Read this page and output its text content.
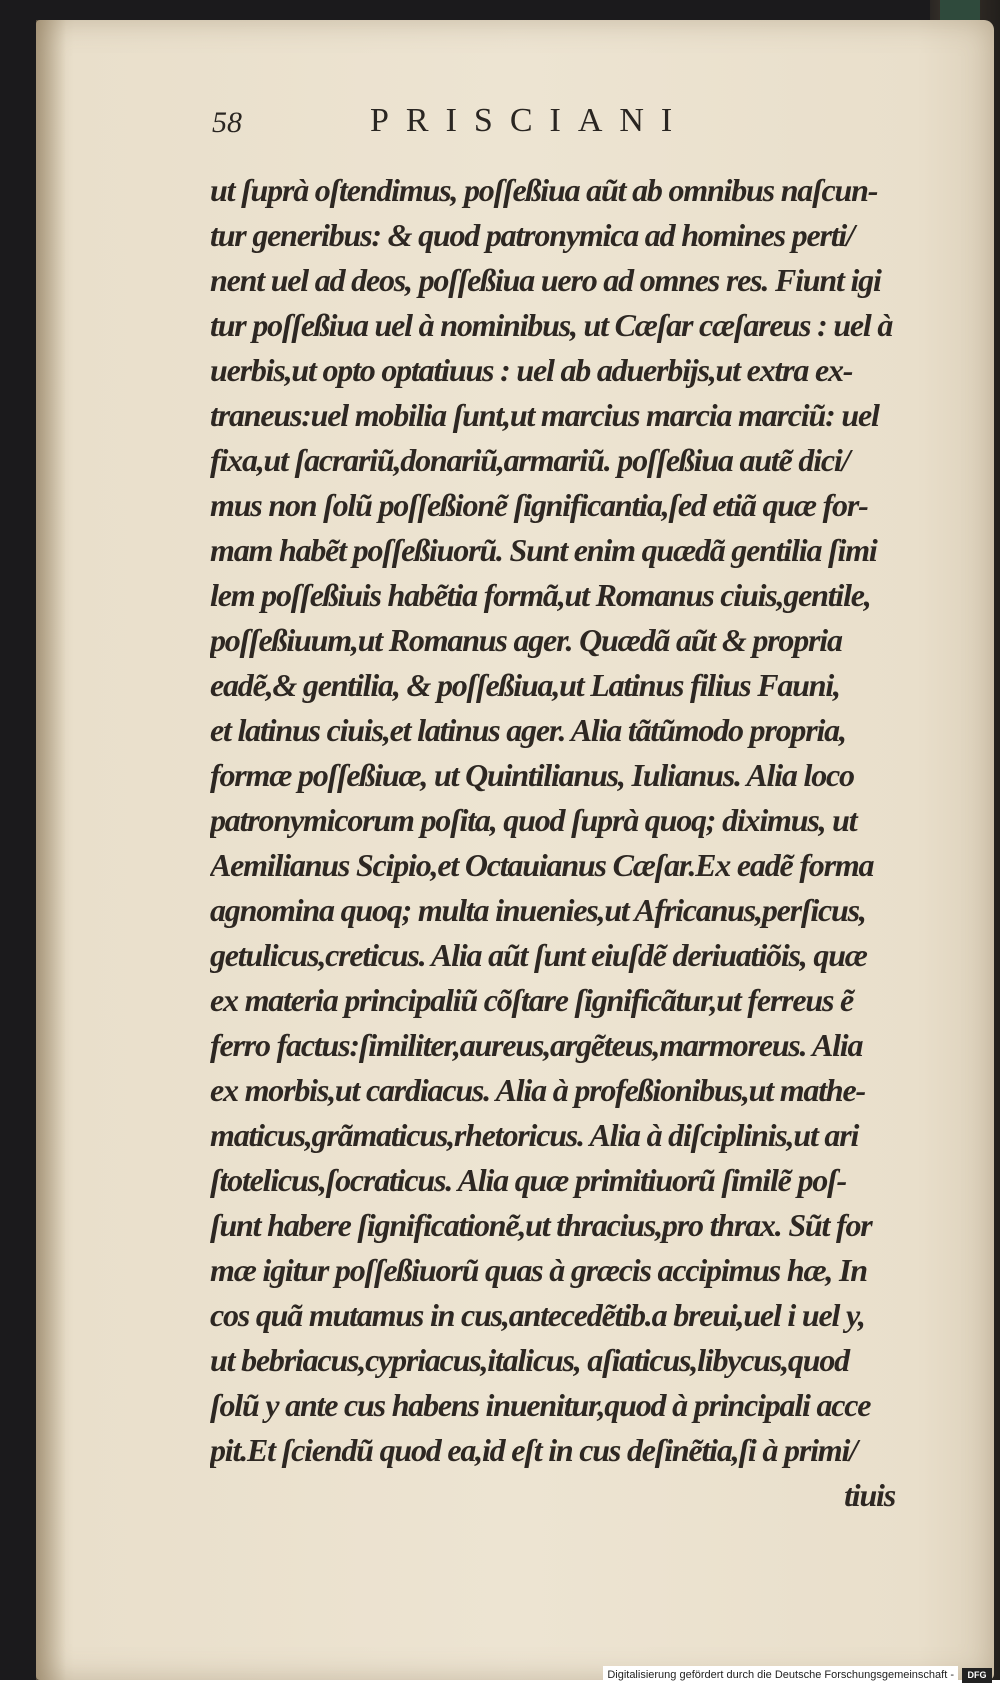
58	PRISCIANI
ut ſuprà oſtendimus, poſſeßiua aũt ab omnibus naſcun-
tur generibus: & quod patronymica ad homines perti/
nent uel ad deos, poſſeßiua uero ad omnes res. Fiunt igi
tur poſſeßiua uel à nominibus, ut Cæſar cæſareus : uel à
uerbis,ut opto optatiuus : uel ab aduerbijs,ut extra ex-
traneus:uel mobilia ſunt,ut marcius marcia marciũ: uel
fixa,ut ſacrariũ,donariũ,armariũ. poſſeßiua autẽ dici/
mus non ſolũ poſſeßionẽ ſignificantia,ſed etiã quæ for-
mam habẽt poſſeßiuorũ. Sunt enim quædã gentilia ſimi
lem poſſeßiuis habẽtia formã,ut Romanus ciuis,gentile,
poſſeßiuum,ut Romanus ager. Quædã aũt & propria
eadẽ,& gentilia, & poſſeßiua,ut Latinus filius Fauni,
et latinus ciuis,et latinus ager. Alia tãtũmodo propria,
formæ poſſeßiuæ, ut Quintilianus, Iulianus. Alia loco
patronymicorum poſita, quod ſuprà quoq; diximus, ut
Aemilianus Scipio,et Octauianus Cæſar.Ex eadẽ forma
agnomina quoq; multa inuenies,ut Africanus,perſicus,
getulicus,creticus. Alia aũt ſunt eiuſdẽ deriuatiõis, quæ
ex materia principaliũ cõſtare ſignificãtur,ut ferreus ẽ
ferro factus:ſimiliter,aureus,argẽteus,marmoreus. Alia
ex morbis,ut cardiacus. Alia à profeßionibus,ut mathe-
maticus,grãmaticus,rhetoricus. Alia à diſciplinis,ut ari
ſtotelicus,ſocraticus. Alia quæ primitiuorũ ſimilẽ poſ-
ſunt habere ſignificationẽ,ut thracius,pro thrax. Sũt for
mæ igitur poſſeßiuorũ quas à græcis accipimus hæ, In
cos quã mutamus in cus,antecedẽtib.a breui,uel i uel y,
ut bebriacus,cypriacus,italicus, aſiaticus,libycus,quod
ſolũ y ante cus habens inuenitur,quod à principali acce
pit.Et ſciendũ quod ea,id eſt in cus deſinẽtia,ſi à primi/
tiuis
Digitalisierung gefördert durch die Deutsche Forschungsgemeinschaft -	DFG
